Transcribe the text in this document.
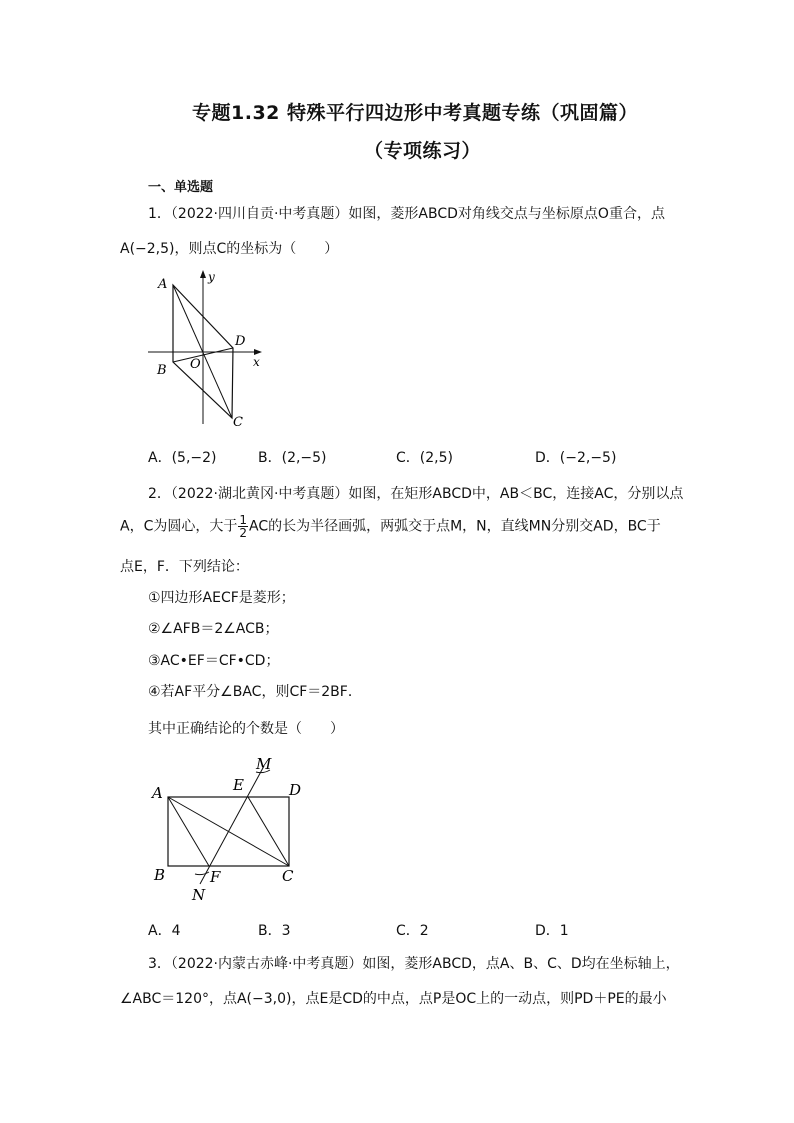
专题1.32 特殊平行四边形中考真题专练（巩固篇）
（专项练习）
一、单选题
1．（2022·四川自贡·中考真题）如图，菱形ABCD对角线交点与坐标原点O重合，点
A(−2,5)，则点C的坐标为（　　）
A
B
C
D
O	x
y
A．(5,−2)	B．(2,−5)	C．(2,5)	D．(−2,−5)
2．（2022·湖北黄冈·中考真题）如图，在矩形ABCD中，AB＜BC，连接AC，分别以点
A，C为圆心，大于 $\frac{1}{2}$ AC的长为半径画弧，两弧交于点M，N，直线MN分别交AD，BC于
点E，F．下列结论：
①四边形AECF是菱形；
②∠AFB＝2∠ACB；
③AC•EF＝CF•CD；
④若AF平分∠BAC，则CF＝2BF．
其中正确结论的个数是（　　）
A
B	C
D
E
F
M
N
A．4	B．3	C．2	D．1
3．（2022·内蒙古赤峰·中考真题）如图，菱形ABCD，点A、B、C、D均在坐标轴上，
∠ABC＝120°，点A(−3,0)，点E是CD的中点，点P是OC上的一动点，则PD＋PE的最小
